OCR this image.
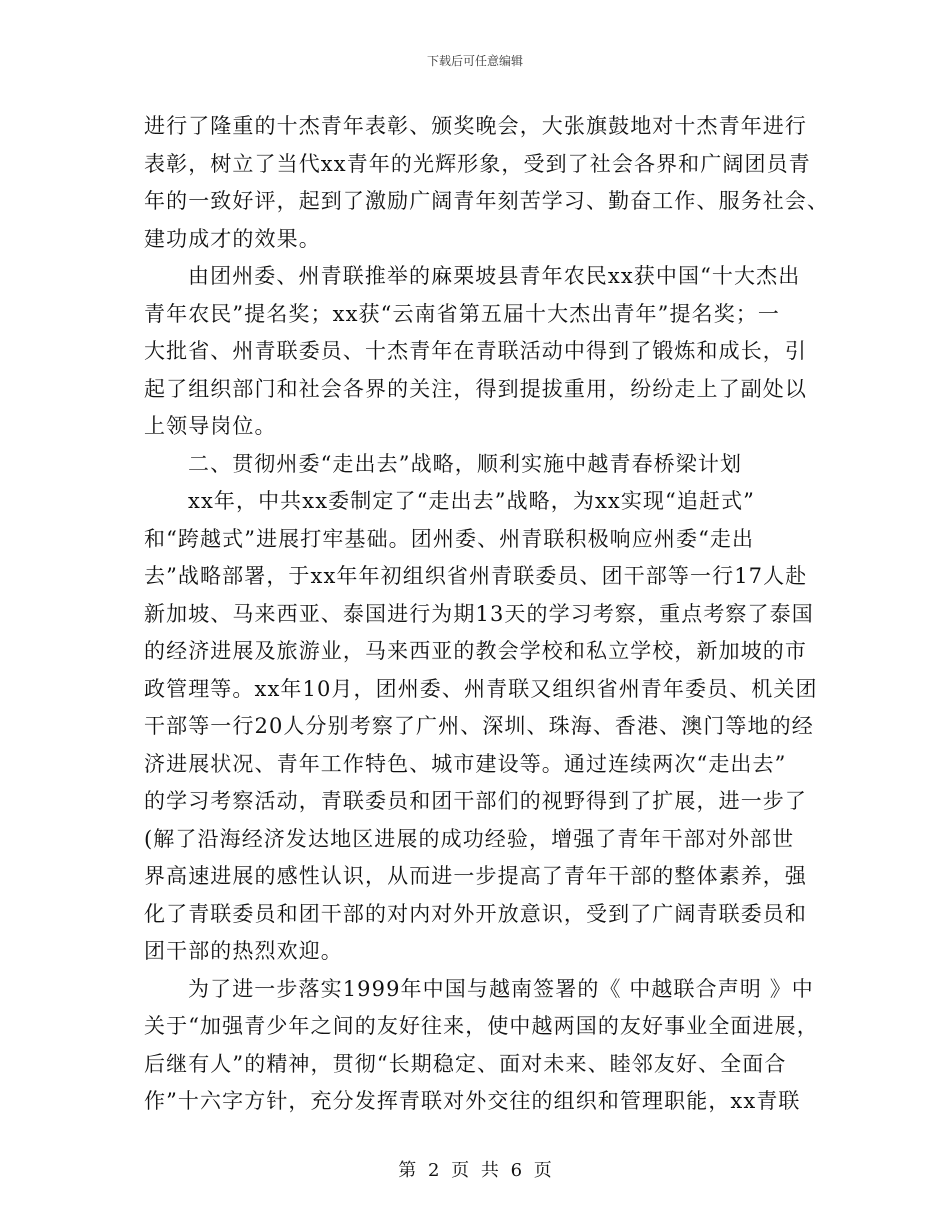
下载后可任意编辑
进行了隆重的十杰青年表彰、颁奖晚会，大张旗鼓地对十杰青年进行
表彰，树立了当代xx青年的光辉形象，受到了社会各界和广阔团员青
年的一致好评，起到了激励广阔青年刻苦学习、勤奋工作、服务社会、
建功成才的效果。
由团州委、州青联推举的麻栗坡县青年农民xx获中国“十大杰出
青年农民”提名奖；xx获“云南省第五届十大杰出青年”提名奖；一
大批省、州青联委员、十杰青年在青联活动中得到了锻炼和成长，引
起了组织部门和社会各界的关注，得到提拔重用，纷纷走上了副处以
上领导岗位。
二、贯彻州委“走出去”战略，顺利实施中越青春桥梁计划
xx年，中共xx委制定了“走出去”战略，为xx实现“追赶式”
和“跨越式”进展打牢基础。团州委、州青联积极响应州委“走出
去”战略部署，于xx年年初组织省州青联委员、团干部等一行17人赴
新加坡、马来西亚、泰国进行为期13天的学习考察，重点考察了泰国
的经济进展及旅游业，马来西亚的教会学校和私立学校，新加坡的市
政管理等。xx年10月，团州委、州青联又组织省州青年委员、机关团
干部等一行20人分别考察了广州、深圳、珠海、香港、澳门等地的经
济进展状况、青年工作特色、城市建设等。通过连续两次“走出去”
的学习考察活动，青联委员和团干部们的视野得到了扩展，进一步了
(解了沿海经济发达地区进展的成功经验，增强了青年干部对外部世
界高速进展的感性认识，从而进一步提高了青年干部的整体素养，强
化了青联委员和团干部的对内对外开放意识，受到了广阔青联委员和
团干部的热烈欢迎。
为了进一步落实1999年中国与越南签署的《 中越联合声明 》中
关于“加强青少年之间的友好往来，使中越两国的友好事业全面进展，
后继有人”的精神，贯彻“长期稳定、面对未来、睦邻友好、全面合
作”十六字方针，充分发挥青联对外交往的组织和管理职能，xx青联
第 2 页 共 6 页
